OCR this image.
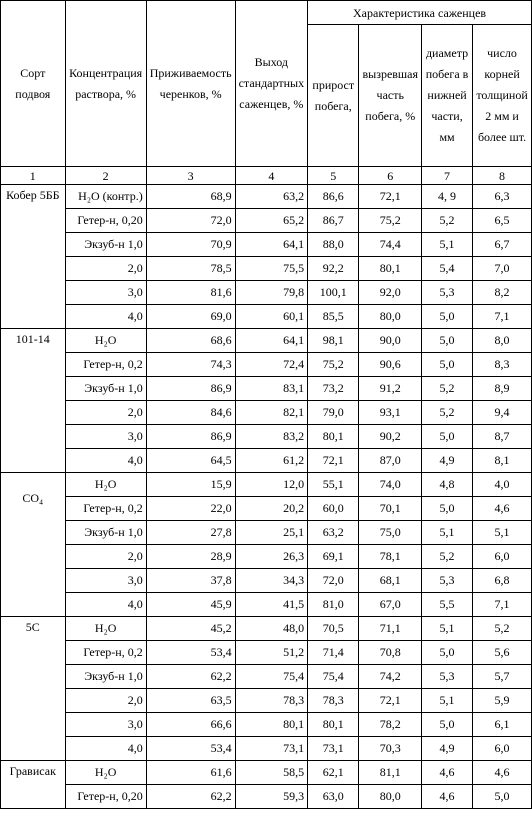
Сорт подвоя	Концентрация раствора, %	Приживаемость черенков, %	Выход стандартных саженцев, %	Характеристика саженцев			
				прирост побега,	вызревшая часть побега, %	диаметр побега в нижней части, мм	число корней толщиной 2 мм и более шт.
1	2	3	4	5	6	7	8
Кобер 5ББ	H₂O (контр.)	68,9	63,2	86,6	72,1	4, 9	6,3
	Гетер-н, 0,20	72,0	65,2	86,7	75,2	5,2	6,5
	Экзуб-н 1,0	70,9	64,1	88,0	74,4	5,1	6,7
	2,0	78,5	75,5	92,2	80,1	5,4	7,0
	3,0	81,6	79,8	100,1	92,0	5,3	8,2
	4,0	69,0	60,1	85,5	80,0	5,0	7,1
101-14	H₂O	68,6	64,1	98,1	90,0	5,0	8,0
	Гетер-н, 0,2	74,3	72,4	75,2	90,6	5,0	8,3
	Экзуб-н 1,0	86,9	83,1	73,2	91,2	5,2	8,9
	2,0	84,6	82,1	79,0	93,1	5,2	9,4
	3,0	86,9	83,2	80,1	90,2	5,0	8,7
	4,0	64,5	61,2	72,1	87,0	4,9	8,1
CO₄	H₂O	15,9	12,0	55,1	74,0	4,8	4,0
	Гетер-н, 0,2	22,0	20,2	60,0	70,1	5,0	4,6
	Экзуб-н 1,0	27,8	25,1	63,2	75,0	5,1	5,1
	2,0	28,9	26,3	69,1	78,1	5,2	6,0
	3,0	37,8	34,3	72,0	68,1	5,3	6,8
	4,0	45,9	41,5	81,0	67,0	5,5	7,1
5C	H₂O	45,2	48,0	70,5	71,1	5,1	5,2
	Гетер-н, 0,2	53,4	51,2	71,4	70,8	5,0	5,6
	Экзуб-н 1,0	62,2	75,4	75,4	74,2	5,3	5,7
	2,0	63,5	78,3	78,3	72,1	5,1	5,9
	3,0	66,6	80,1	80,1	78,2	5,0	6,1
	4,0	53,4	73,1	73,1	70,3	4,9	6,0
Грависак	H₂O	61,6	58,5	62,1	81,1	4,6	4,6
	Гетер-н, 0,20	62,2	59,3	63,0	80,0	4,6	5,0
